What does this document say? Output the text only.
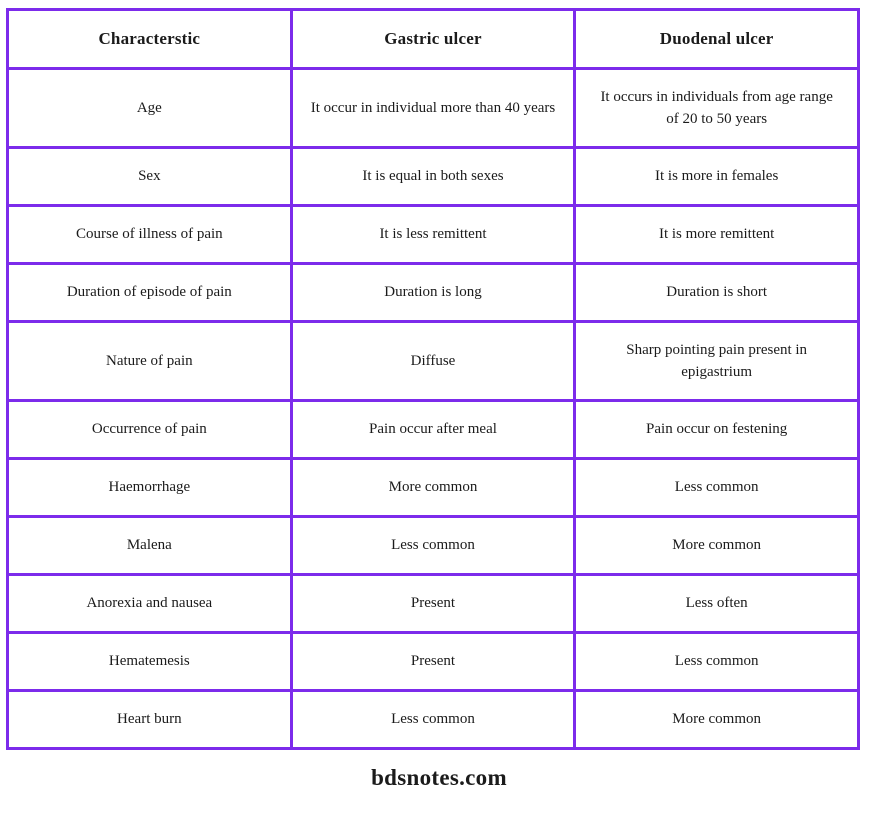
Characterstic	Gastric ulcer	Duodenal ulcer
Age	It occur in individual more than 40 years	It occurs in individuals from age range of 20 to 50 years
Sex	It is equal in both sexes	It is more in females
Course of illness of pain	It is less remittent	It is more remittent
Duration of episode of pain	Duration is long	Duration is short
Nature of pain	Diffuse	Sharp pointing pain present in epigastrium
Occurrence of pain	Pain occur after meal	Pain occur on festening
Haemorrhage	More common	Less common
Malena	Less common	More common
Anorexia and nausea	Present	Less often
Hematemesis	Present	Less common
Heart burn	Less common	More common
bdsnotes.com
